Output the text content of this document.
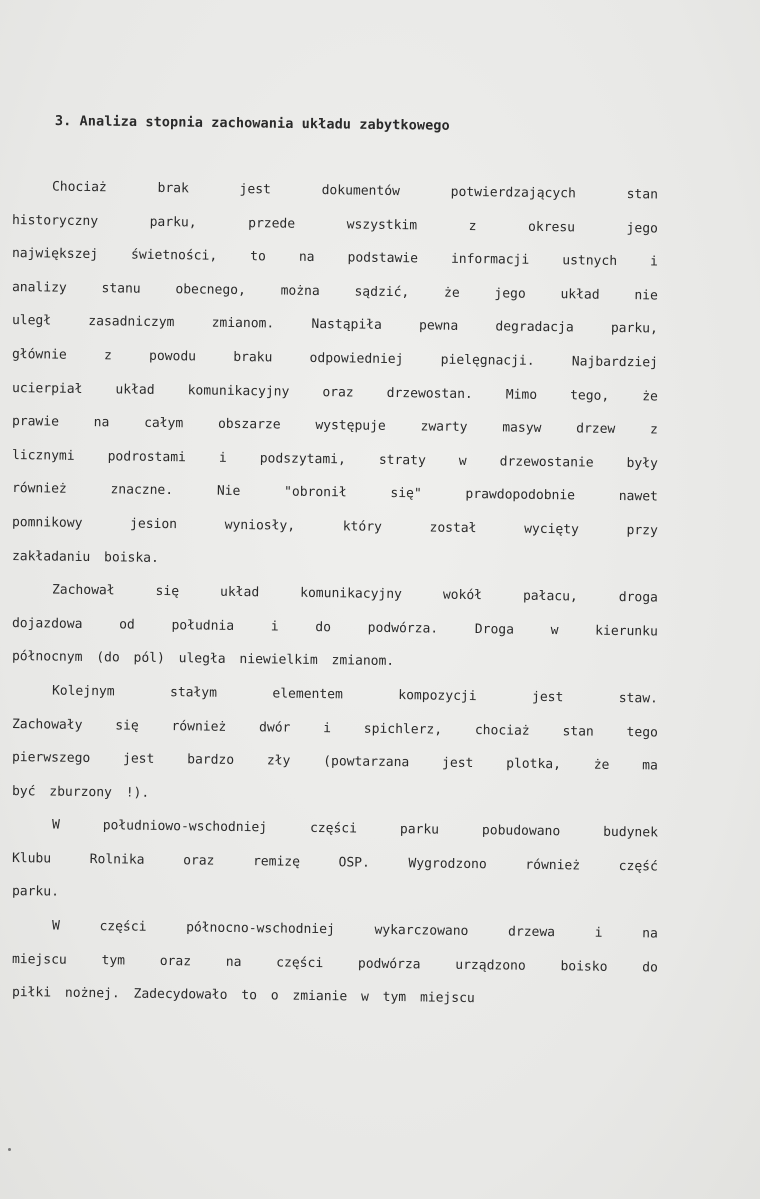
3. Analiza stopnia zachowania układu zabytkowego
Chociaż	brak	jest	dokumentów	potwierdzających	stan
historyczny	parku,	przede	wszystkim	z	okresu	jego
największej	świetności,	to	na	podstawie	informacji	ustnych	i
analizy	stanu	obecnego,	można	sądzić,	że	jego	układ	nie
uległ	zasadniczym	zmianom.	Nastąpiła	pewna	degradacja	parku,
głównie	z	powodu	braku	odpowiedniej	pielęgnacji.	Najbardziej
ucierpiał	układ	komunikacyjny	oraz	drzewostan.	Mimo	tego,	że
prawie	na	całym	obszarze	występuje	zwarty	masyw	drzew	z
licznymi	podrostami	i	podszytami,	straty	w	drzewostanie	były
również	znaczne.	Nie	"obronił	się"	prawdopodobnie	nawet
pomnikowy	jesion	wyniosły,	który	został	wycięty	przy
zakładaniu boiska.
Zachował	się	układ	komunikacyjny	wokół	pałacu,	droga
dojazdowa	od	południa	i	do	podwórza.	Droga	w	kierunku
północnym (do pól) uległa niewielkim zmianom.
Kolejnym	stałym	elementem	kompozycji	jest	staw.
Zachowały	się	również	dwór	i	spichlerz,	chociaż	stan	tego
pierwszego	jest	bardzo	zły	(powtarzana	jest	plotka,	że	ma
być zburzony !).
W	południowo-wschodniej	części	parku	pobudowano	budynek
Klubu	Rolnika	oraz	remizę	OSP.	Wygrodzono	również	część
parku.
W	części	północno-wschodniej	wykarczowano	drzewa	i	na
miejscu	tym	oraz	na	części	podwórza	urządzono	boisko	do
piłki nożnej. Zadecydowało to o zmianie w tym miejscu
